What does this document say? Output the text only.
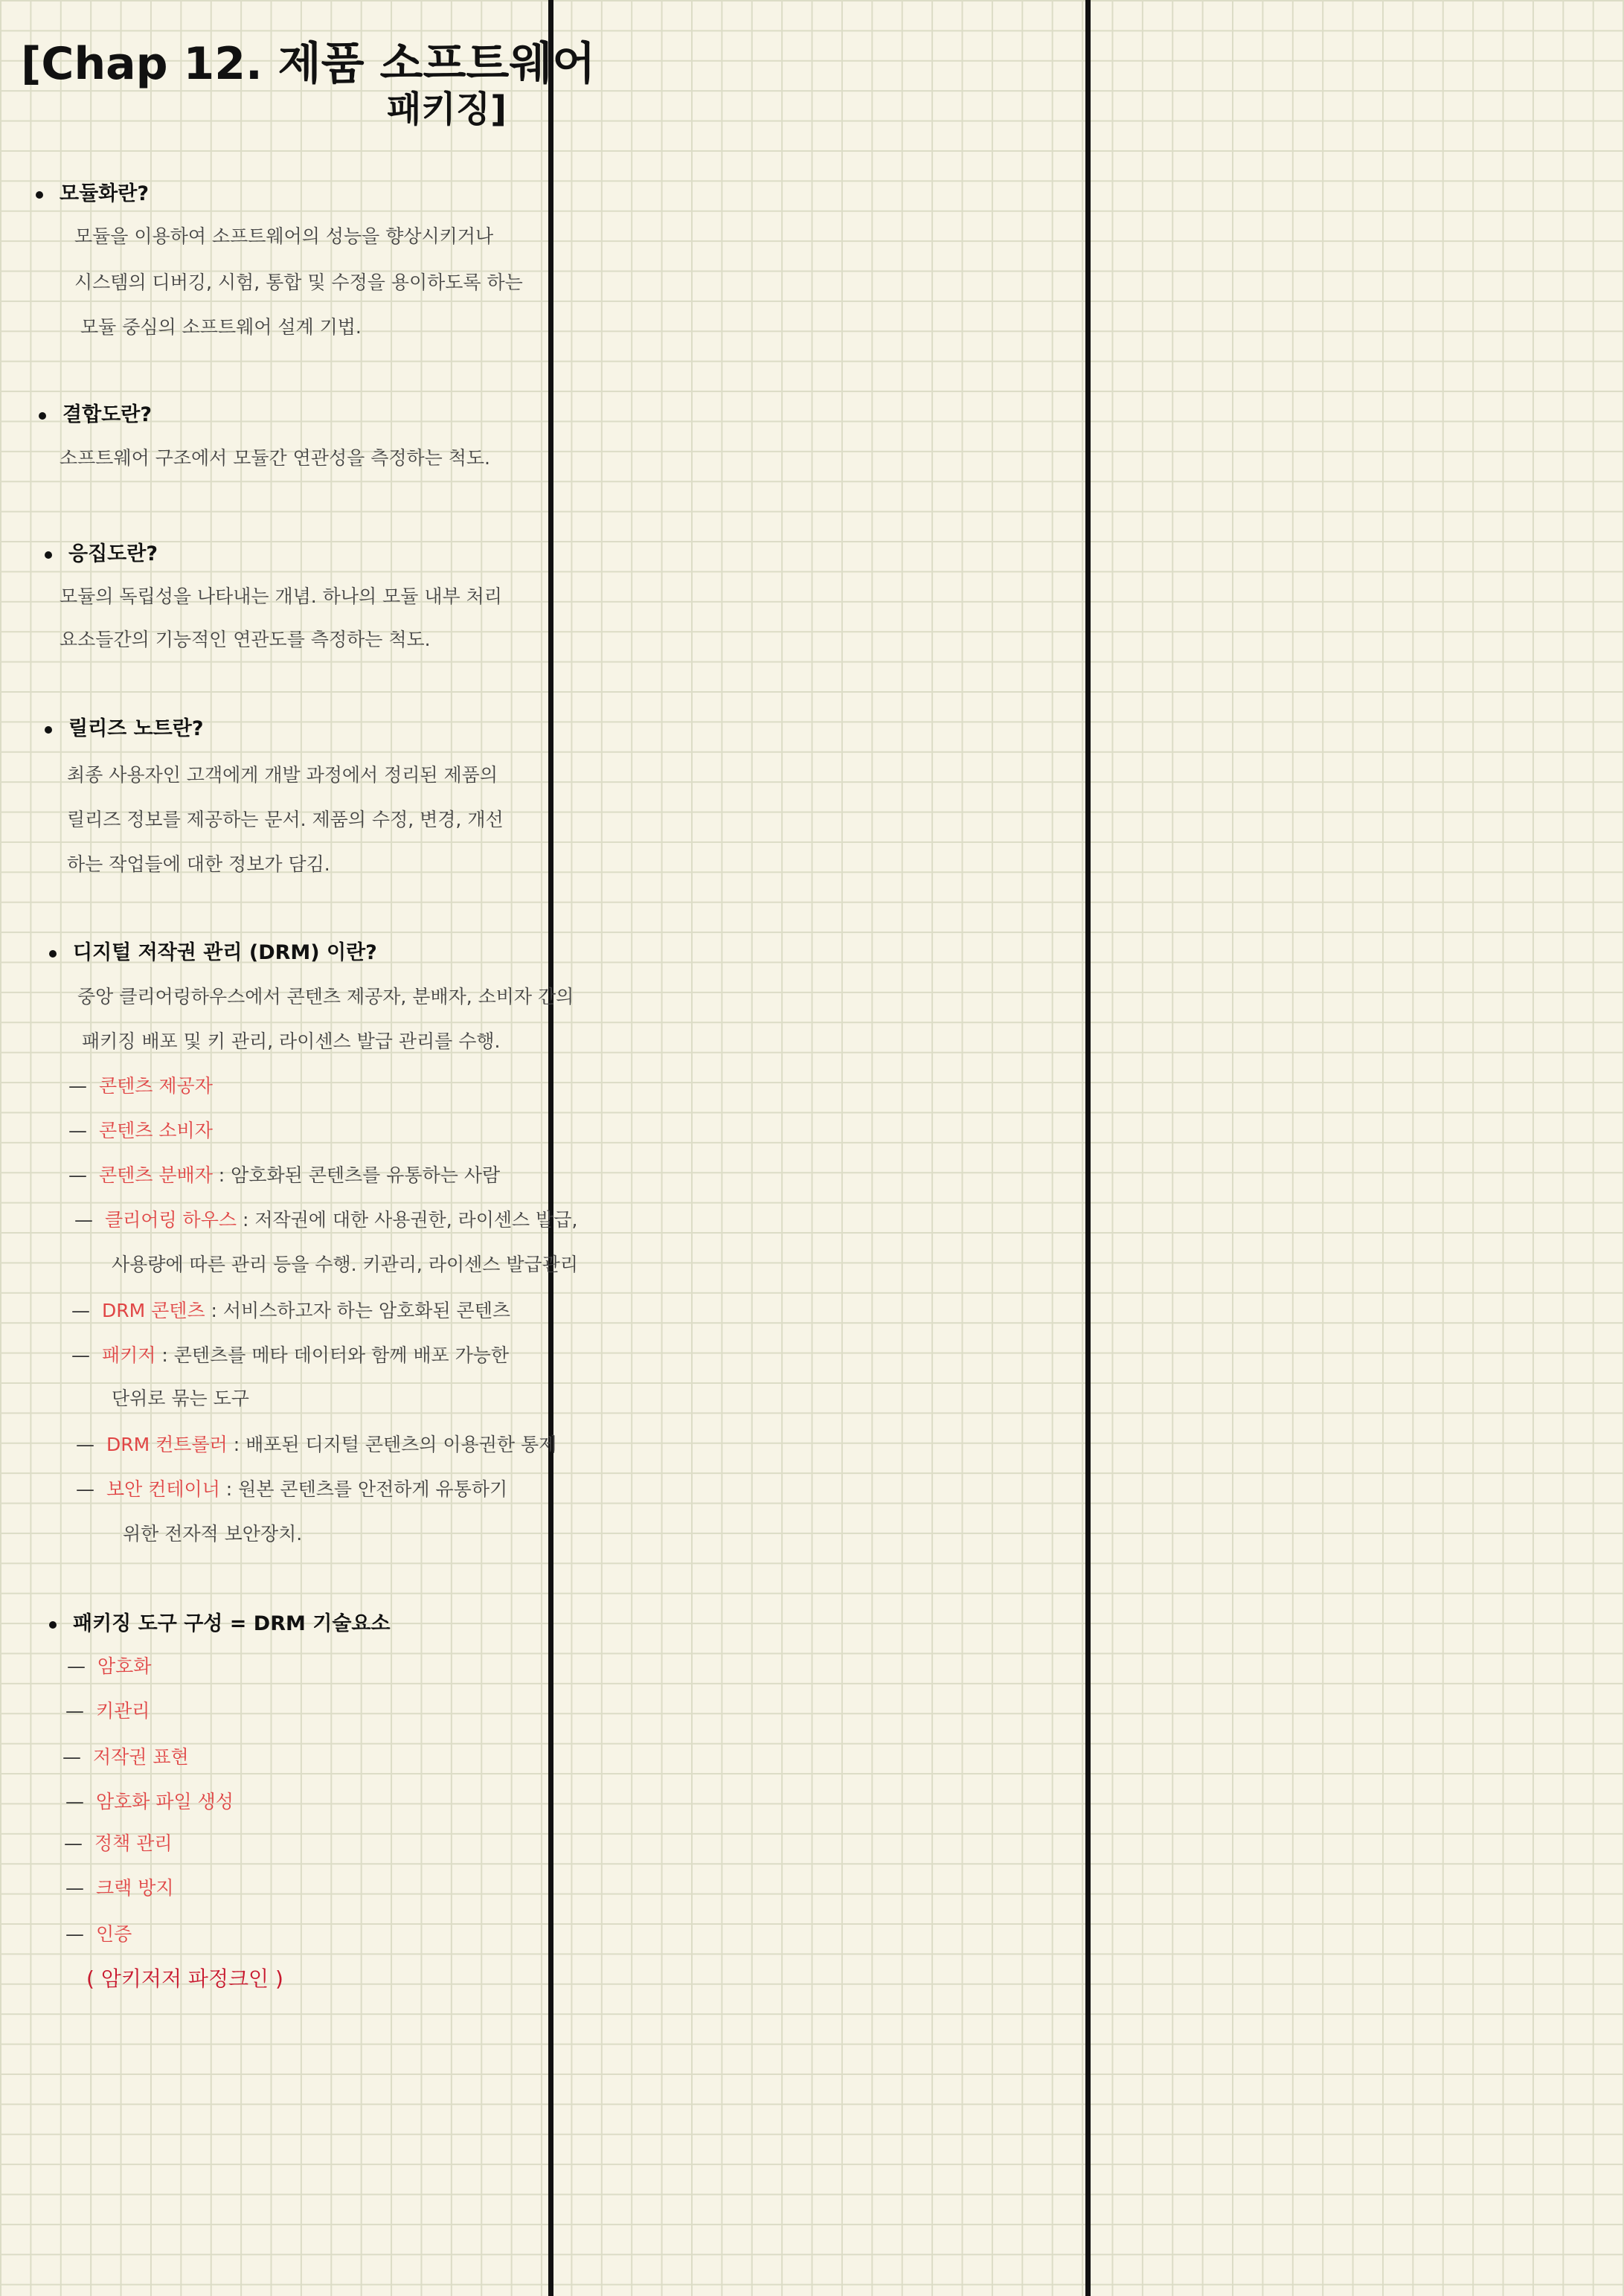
[Chap 12. 제품 소프트웨어
패키징]
모듈화란?
모듈을 이용하여 소프트웨어의 성능을 향상시키거나
시스템의 디버깅, 시험, 통합 및 수정을 용이하도록 하는
모듈 중심의 소프트웨어 설계 기법.
결합도란?
소프트웨어 구조에서 모듈간 연관성을 측정하는 척도.
응집도란?
모듈의 독립성을 나타내는 개념. 하나의 모듈 내부 처리
요소들간의 기능적인 연관도를 측정하는 척도.
릴리즈 노트란?
최종 사용자인 고객에게 개발 과정에서 정리된 제품의
릴리즈 정보를 제공하는 문서. 제품의 수정, 변경, 개선
하는 작업들에 대한 정보가 담김.
디지털 저작권 관리 (DRM) 이란?
중앙 클리어링하우스에서 콘텐츠 제공자, 분배자, 소비자 간의
패키징 배포 및 키 관리, 라이센스 발급 관리를 수행.
— 콘텐츠 제공자
— 콘텐츠 소비자
— 콘텐츠 분배자 : 암호화된 콘텐츠를 유통하는 사람
— 클리어링 하우스 : 저작권에 대한 사용권한, 라이센스 발급,
사용량에 따른 관리 등을 수행. 키관리, 라이센스 발급관리
— DRM 콘텐츠 : 서비스하고자 하는 암호화된 콘텐츠
— 패키저 : 콘텐츠를 메타 데이터와 함께 배포 가능한
단위로 묶는 도구
— DRM 컨트롤러 : 배포된 디지털 콘텐츠의 이용권한 통제
— 보안 컨테이너 : 원본 콘텐츠를 안전하게 유통하기
위한 전자적 보안장치.
패키징 도구 구성 = DRM 기술요소
— 암호화
— 키관리
— 저작권 표현
— 암호화 파일 생성
— 정책 관리
— 크랙 방지
— 인증
( 암키저저 파정크인 )
